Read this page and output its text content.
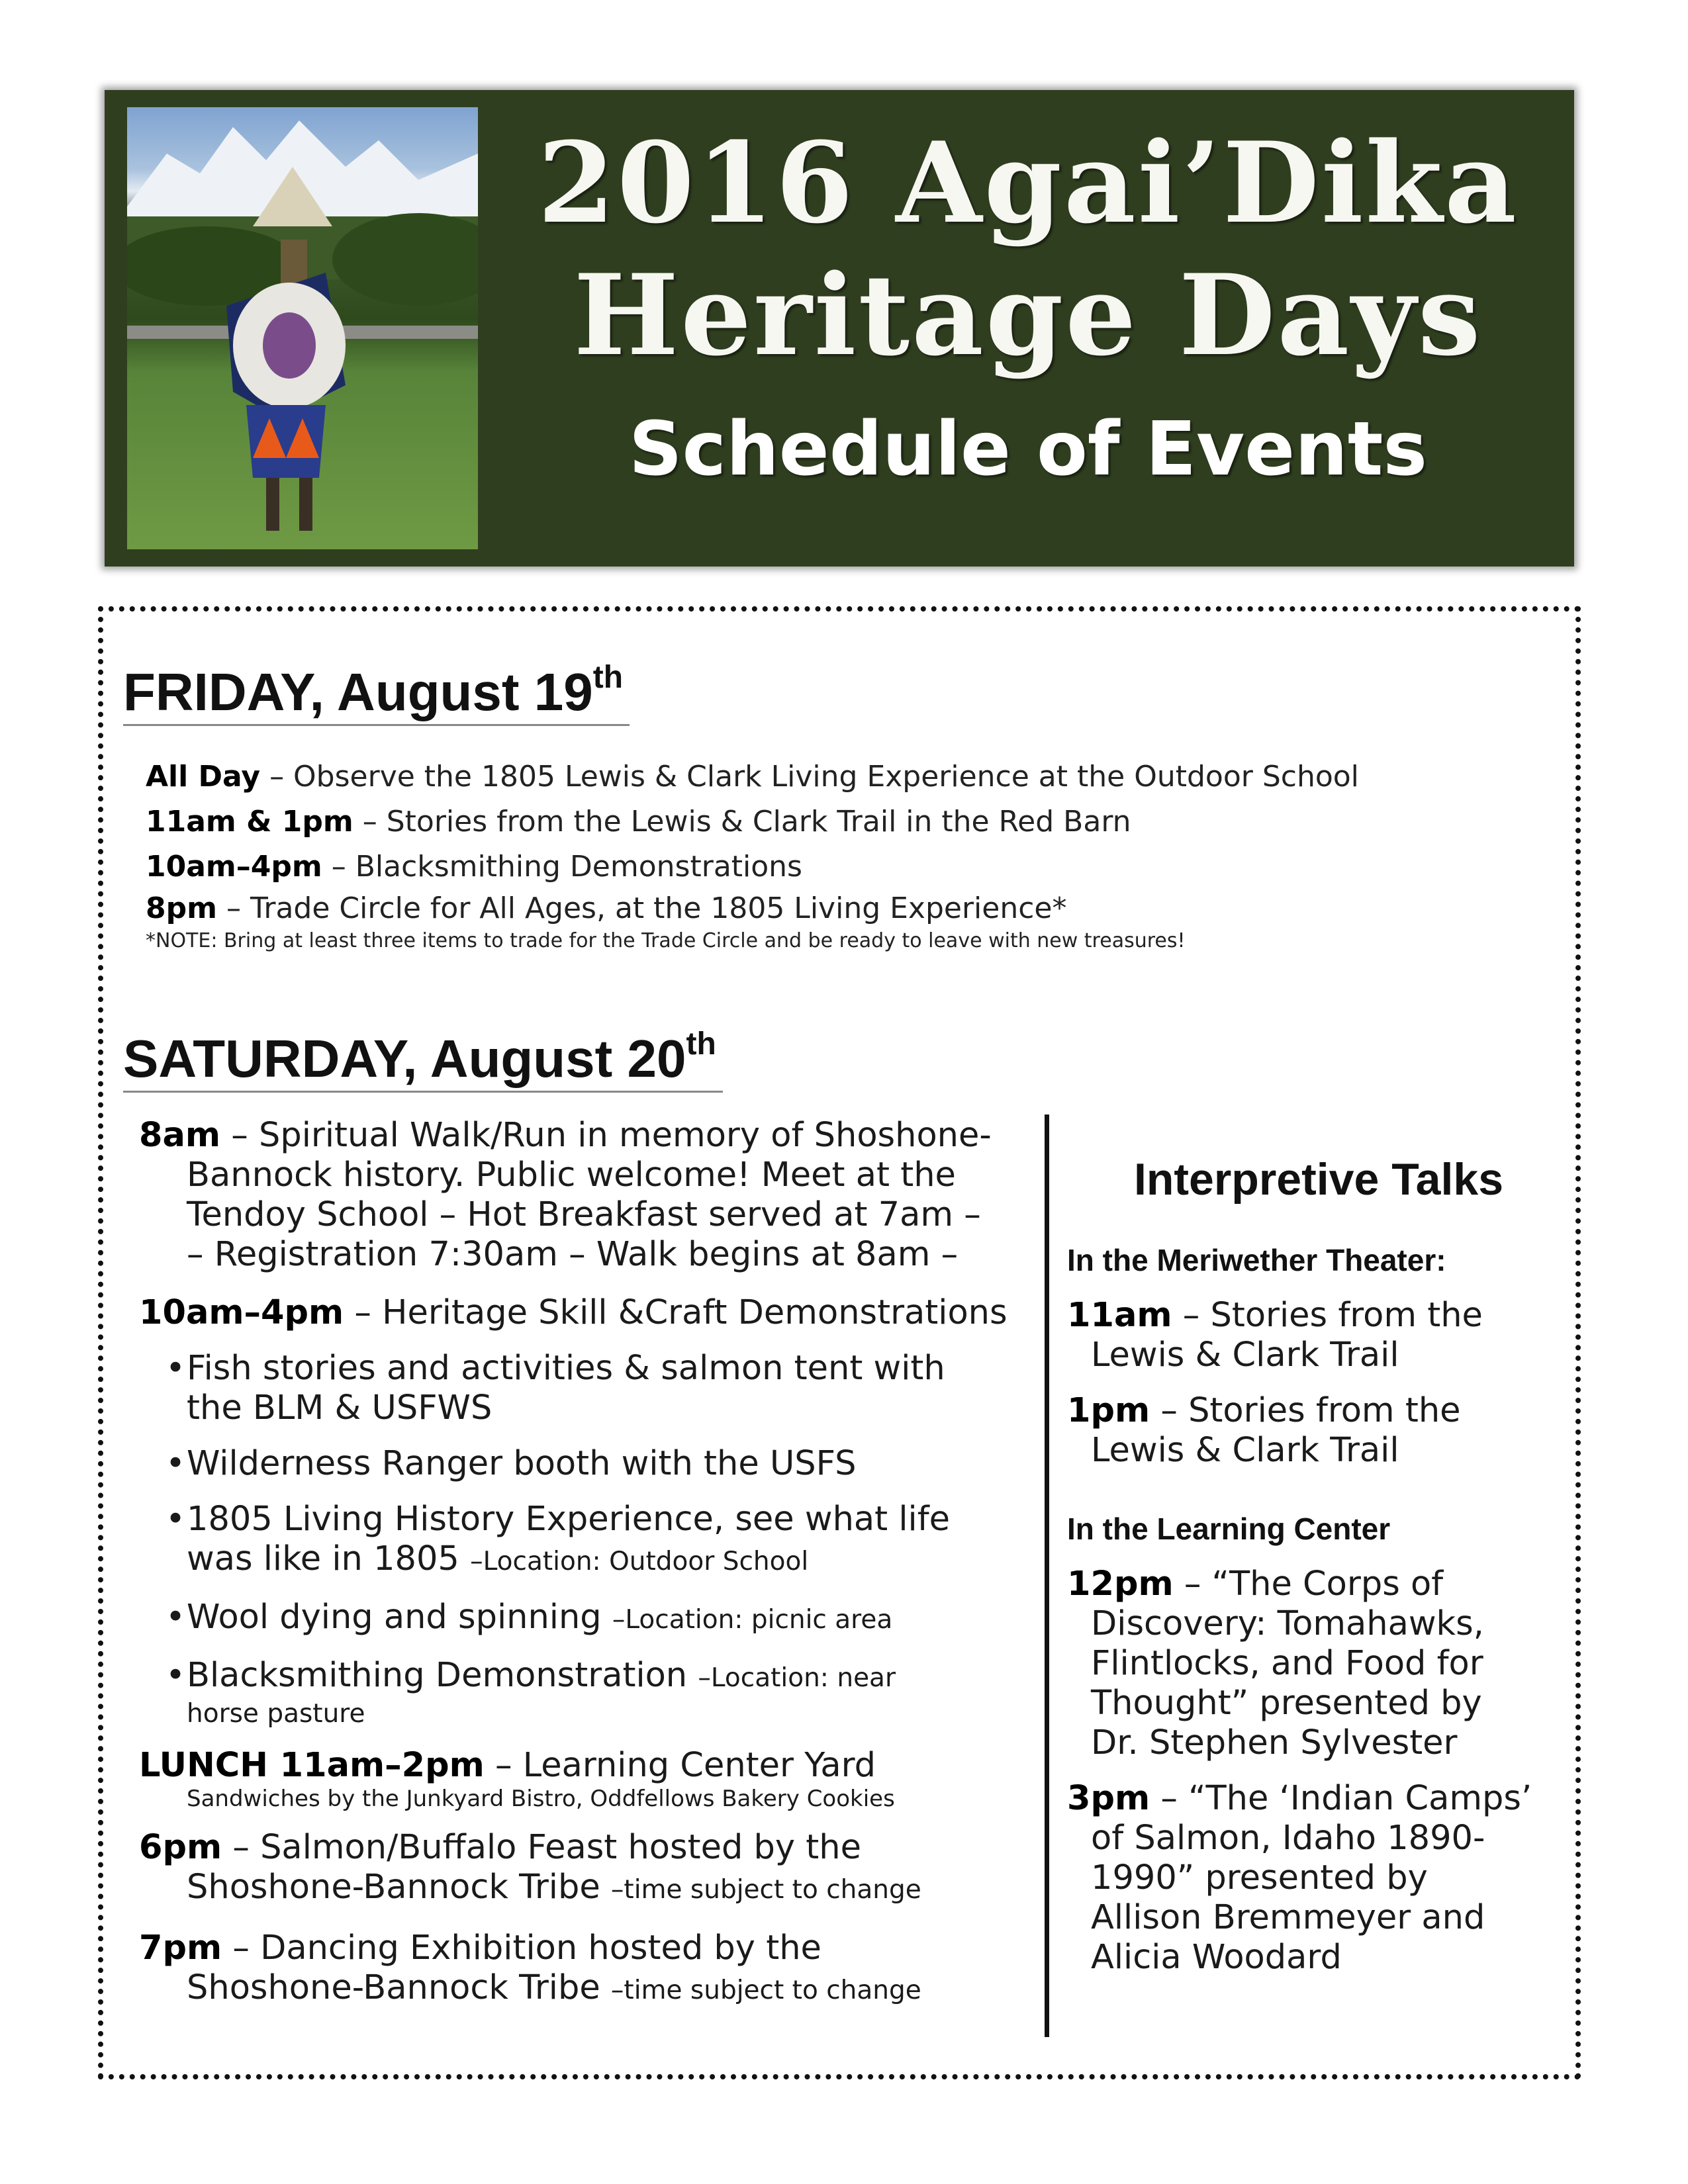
2016 Agai’Dika
Heritage Days
Schedule of Events
FRIDAY, August 19th
All Day – Observe the 1805 Lewis & Clark Living Experience at the Outdoor School
11am & 1pm – Stories from the Lewis & Clark Trail in the Red Barn
10am–4pm – Blacksmithing Demonstrations
8pm – Trade Circle for All Ages, at the 1805 Living Experience*
*NOTE: Bring at least three items to trade for the Trade Circle and be ready to leave with new treasures!
SATURDAY, August 20th
8am – Spiritual Walk/Run in memory of Shoshone-
Bannock history. Public welcome! Meet at the
Tendoy School – Hot Breakfast served at 7am –
– Registration 7:30am – Walk begins at 8am –
10am–4pm – Heritage Skill &Craft Demonstrations
• Fish stories and activities & salmon tent with
the BLM & USFWS
• Wilderness Ranger booth with the USFS
• 1805 Living History Experience, see what life
was like in 1805 –Location: Outdoor School
• Wool dying and spinning –Location: picnic area
• Blacksmithing Demonstration –Location: near
horse pasture
LUNCH 11am–2pm – Learning Center Yard
Sandwiches by the Junkyard Bistro, Oddfellows Bakery Cookies
6pm – Salmon/Buffalo Feast hosted by the
Shoshone-Bannock Tribe –time subject to change
7pm – Dancing Exhibition hosted by the
Shoshone-Bannock Tribe –time subject to change
Interpretive Talks
In the Meriwether Theater:
11am – Stories from the
Lewis & Clark Trail
1pm – Stories from the
Lewis & Clark Trail
In the Learning Center
12pm – “The Corps of
Discovery: Tomahawks,
Flintlocks, and Food for
Thought” presented by
Dr. Stephen Sylvester
3pm – “The ‘Indian Camps’
of Salmon, Idaho 1890-
1990” presented by
Allison Bremmeyer and
Alicia Woodard
